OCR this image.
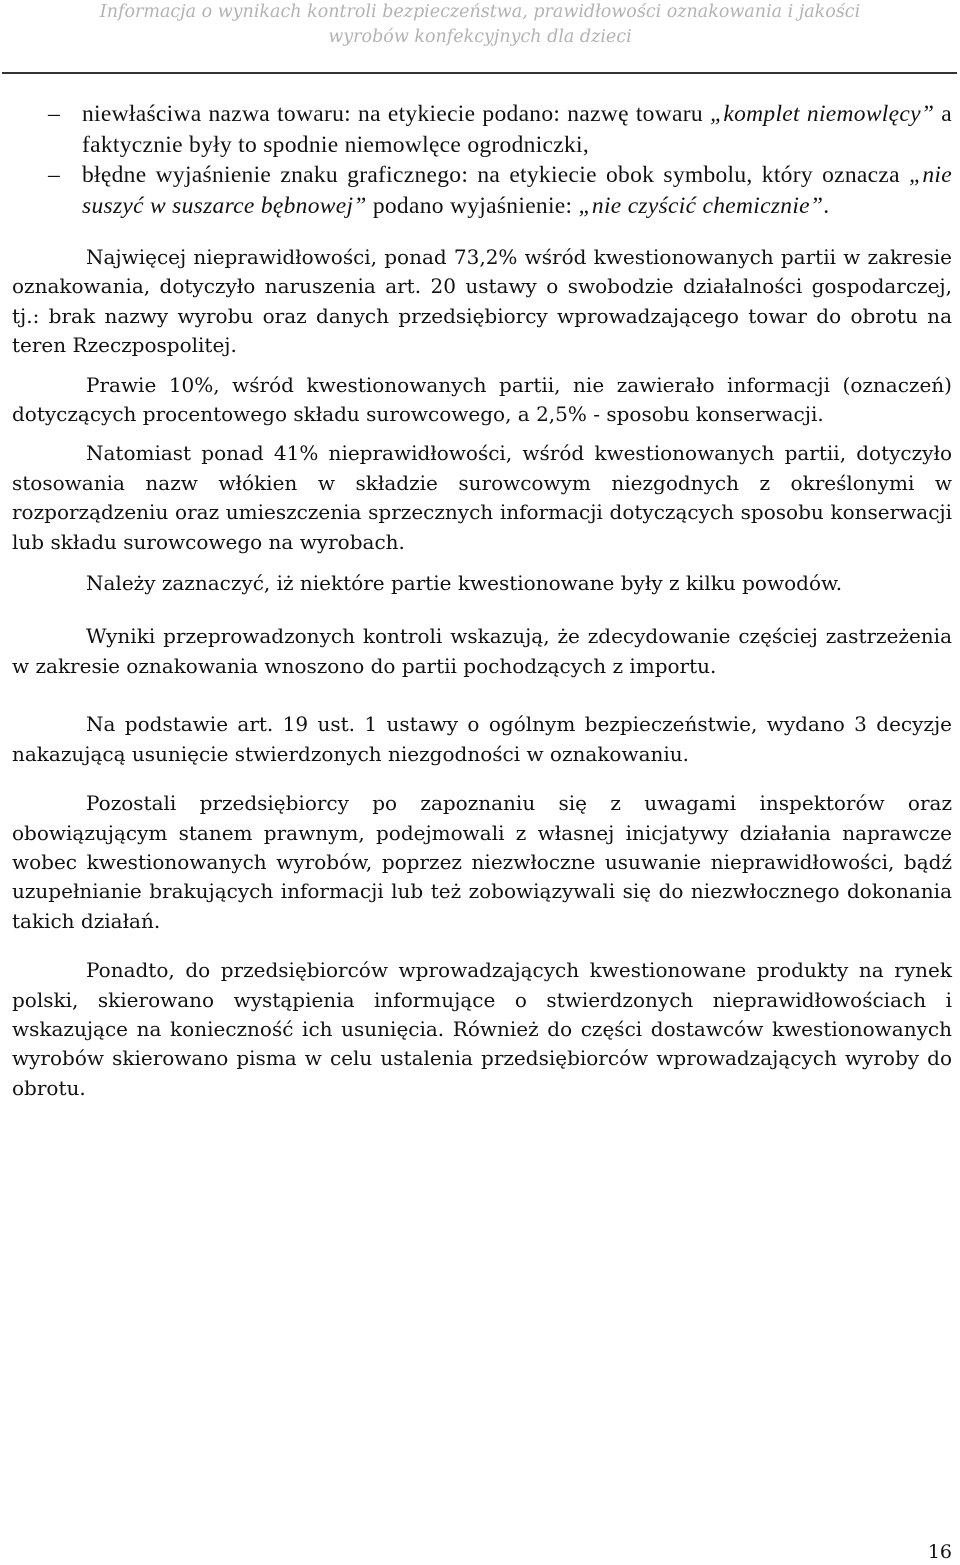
Informacja o wynikach kontroli bezpieczeństwa, prawidłowości oznakowania i jakości
wyrobów konfekcyjnych dla dzieci
– niewłaściwa nazwa towaru: na etykiecie podano: nazwę towaru „komplet niemowlęcy” a faktycznie były to spodnie niemowlęce ogrodniczki,
– błędne wyjaśnienie znaku graficznego: na etykiecie obok symbolu, który oznacza „nie suszyć w suszarce bębnowej” podano wyjaśnienie: „nie czyścić chemicznie”.

Najwięcej nieprawidłowości, ponad 73,2% wśród kwestionowanych partii w zakresie oznakowania, dotyczyło naruszenia art. 20 ustawy o swobodzie działalności gospodarczej, tj.: brak nazwy wyrobu oraz danych przedsiębiorcy wprowadzającego towar do obrotu na teren Rzeczpospolitej.

Prawie 10%, wśród kwestionowanych partii, nie zawierało informacji (oznaczeń) dotyczących procentowego składu surowcowego, a 2,5% - sposobu konserwacji.

Natomiast ponad 41% nieprawidłowości, wśród kwestionowanych partii, dotyczyło stosowania nazw włókien w składzie surowcowym niezgodnych z określonymi w rozporządzeniu oraz umieszczenia sprzecznych informacji dotyczących sposobu konserwacji lub składu surowcowego na wyrobach.

Należy zaznaczyć, iż niektóre partie kwestionowane były z kilku powodów.

Wyniki przeprowadzonych kontroli wskazują, że zdecydowanie częściej zastrzeżenia w zakresie oznakowania wnoszono do partii pochodzących z importu.

Na podstawie art. 19 ust. 1 ustawy o ogólnym bezpieczeństwie, wydano 3 decyzje nakazującą usunięcie stwierdzonych niezgodności w oznakowaniu.

Pozostali przedsiębiorcy po zapoznaniu się z uwagami inspektorów oraz obowiązującym stanem prawnym, podejmowali z własnej inicjatywy działania naprawcze wobec kwestionowanych wyrobów, poprzez niezwłoczne usuwanie nieprawidłowości, bądź uzupełnianie brakujących informacji lub też zobowiązywali się do niezwłocznego dokonania takich działań.

Ponadto, do przedsiębiorców wprowadzających kwestionowane produkty na rynek polski, skierowano wystąpienia informujące o stwierdzonych nieprawidłowościach i wskazujące na konieczność ich usunięcia. Również do części dostawców kwestionowanych wyrobów skierowano pisma w celu ustalenia przedsiębiorców wprowadzających wyroby do obrotu.

16
